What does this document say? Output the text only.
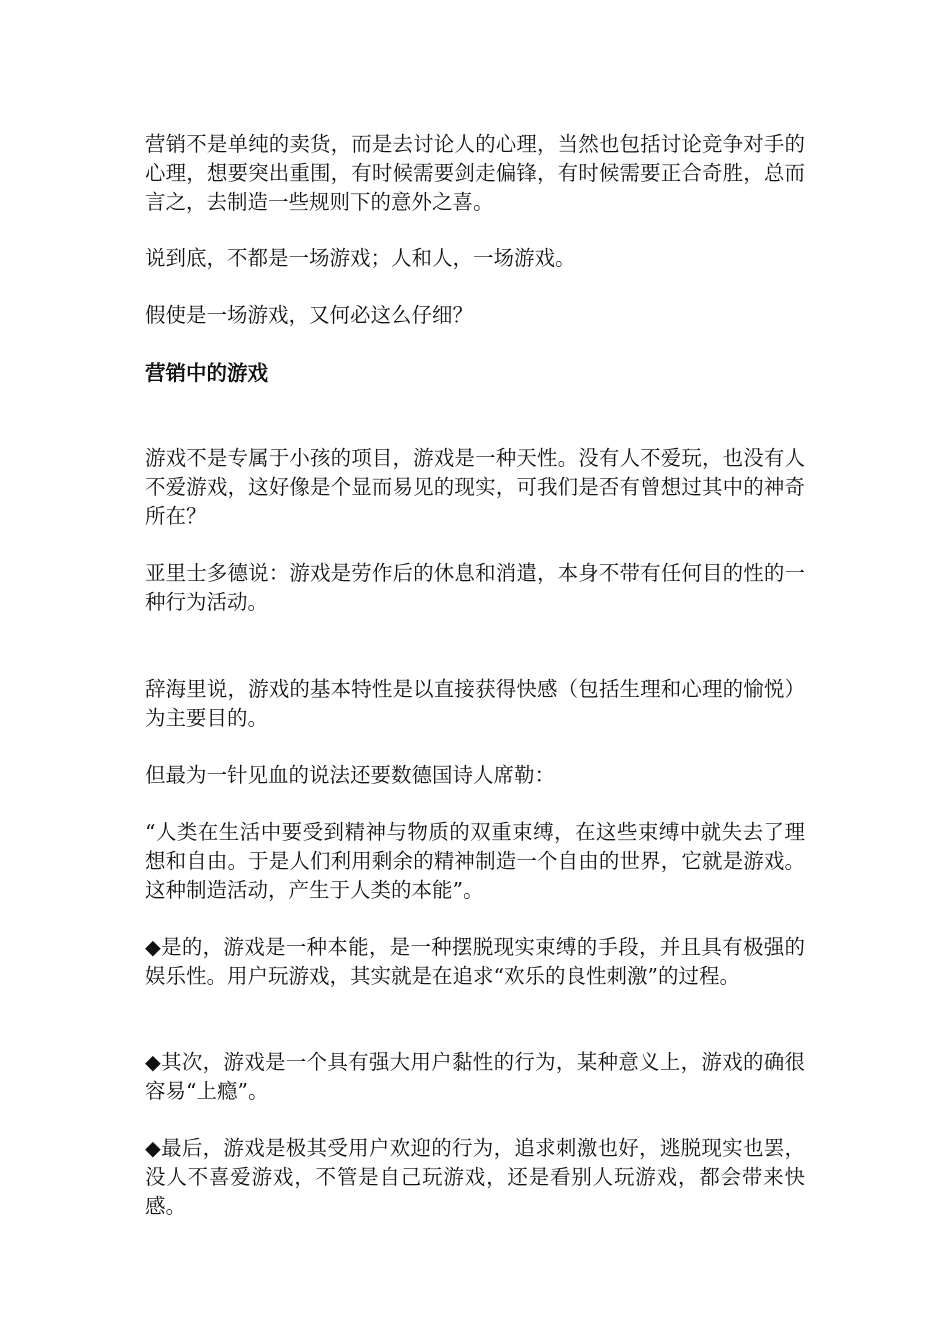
营销不是单纯的卖货，而是去讨论人的心理，当然也包括讨论竞争对手的心理，想要突出重围，有时候需要剑走偏锋，有时候需要正合奇胜，总而言之，去制造一些规则下的意外之喜。

说到底，不都是一场游戏；人和人，一场游戏。

假使是一场游戏，又何必这么仔细？

营销中的游戏

游戏不是专属于小孩的项目，游戏是一种天性。没有人不爱玩，也没有人不爱游戏，这好像是个显而易见的现实，可我们是否有曾想过其中的神奇所在？

亚里士多德说：游戏是劳作后的休息和消遣，本身不带有任何目的性的一种行为活动。

辞海里说，游戏的基本特性是以直接获得快感（包括生理和心理的愉悦）为主要目的。

但最为一针见血的说法还要数德国诗人席勒：

“人类在生活中要受到精神与物质的双重束缚，在这些束缚中就失去了理想和自由。于是人们利用剩余的精神制造一个自由的世界，它就是游戏。这种制造活动，产生于人类的本能”。

◆是的，游戏是一种本能，是一种摆脱现实束缚的手段，并且具有极强的娱乐性。用户玩游戏，其实就是在追求“欢乐的良性刺激”的过程。

◆其次，游戏是一个具有强大用户黏性的行为，某种意义上，游戏的确很容易“上瘾”。

◆最后，游戏是极其受用户欢迎的行为，追求刺激也好，逃脱现实也罢，没人不喜爱游戏，不管是自己玩游戏，还是看别人玩游戏，都会带来快感。
